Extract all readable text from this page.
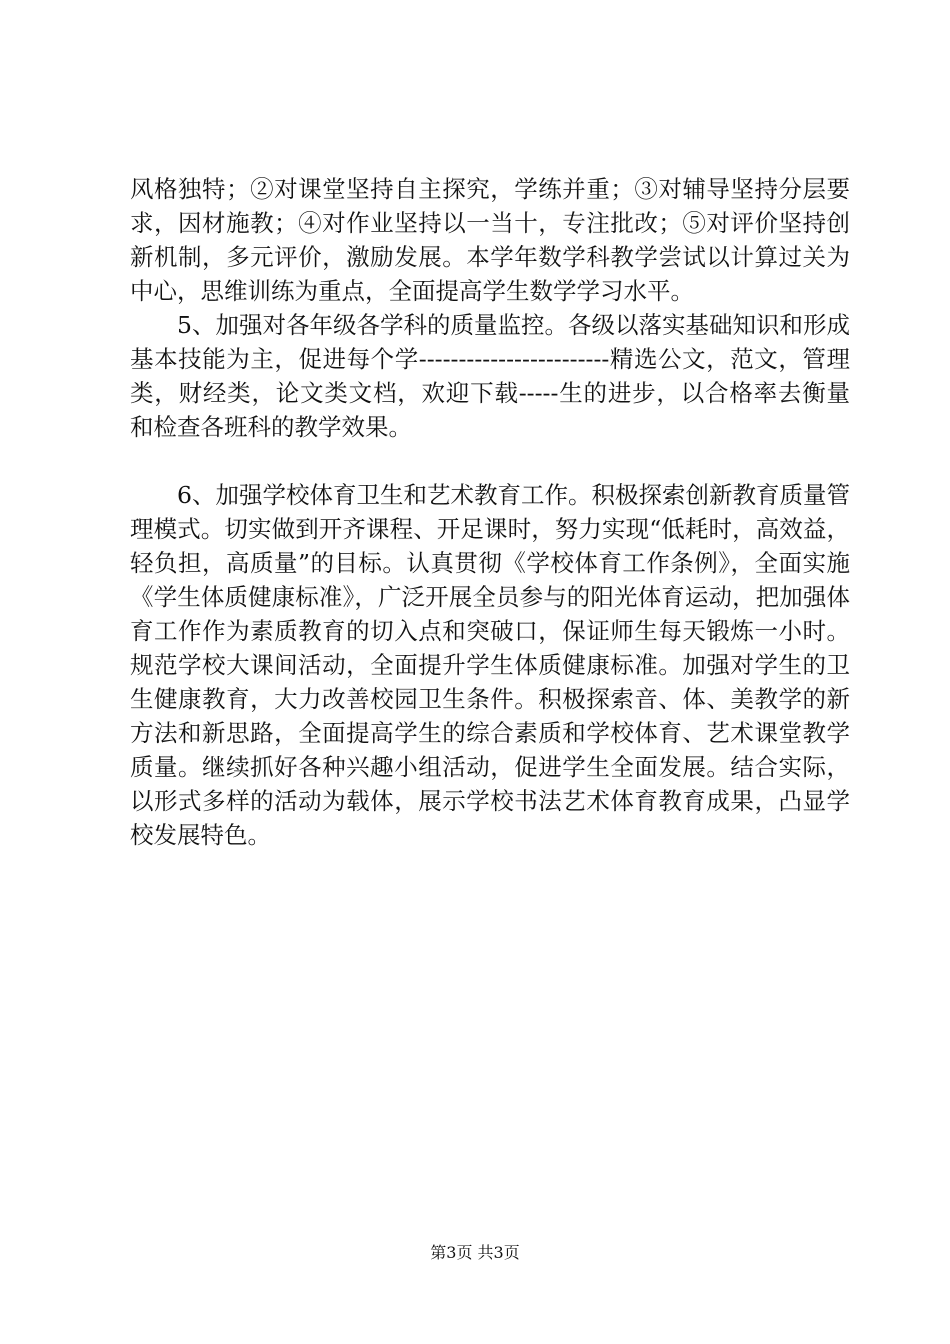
风格独特；②对课堂坚持自主探究，学练并重；③对辅导坚持分层要求，因材施教；④对作业坚持以一当十，专注批改；⑤对评价坚持创新机制，多元评价，激励发展。本学年数学科教学尝试以计算过关为中心，思维训练为重点，全面提高学生数学学习水平。

5、加强对各年级各学科的质量监控。各级以落实基础知识和形成基本技能为主，促进每个学------------------------精选公文，范文，管理类，财经类，论文类文档，欢迎下载-----生的进步，以合格率去衡量和检查各班科的教学效果。

6、加强学校体育卫生和艺术教育工作。积极探索创新教育质量管理模式。切实做到开齐课程、开足课时，努力实现“低耗时，高效益，轻负担，高质量”的目标。认真贯彻《学校体育工作条例》，全面实施《学生体质健康标准》，广泛开展全员参与的阳光体育运动，把加强体育工作作为素质教育的切入点和突破口，保证师生每天锻炼一小时。规范学校大课间活动，全面提升学生体质健康标准。加强对学生的卫生健康教育，大力改善校园卫生条件。积极探索音、体、美教学的新方法和新思路，全面提高学生的综合素质和学校体育、艺术课堂教学质量。继续抓好各种兴趣小组活动，促进学生全面发展。结合实际，以形式多样的活动为载体，展示学校书法艺术体育教育成果，凸显学校发展特色。

第3页 共3页
